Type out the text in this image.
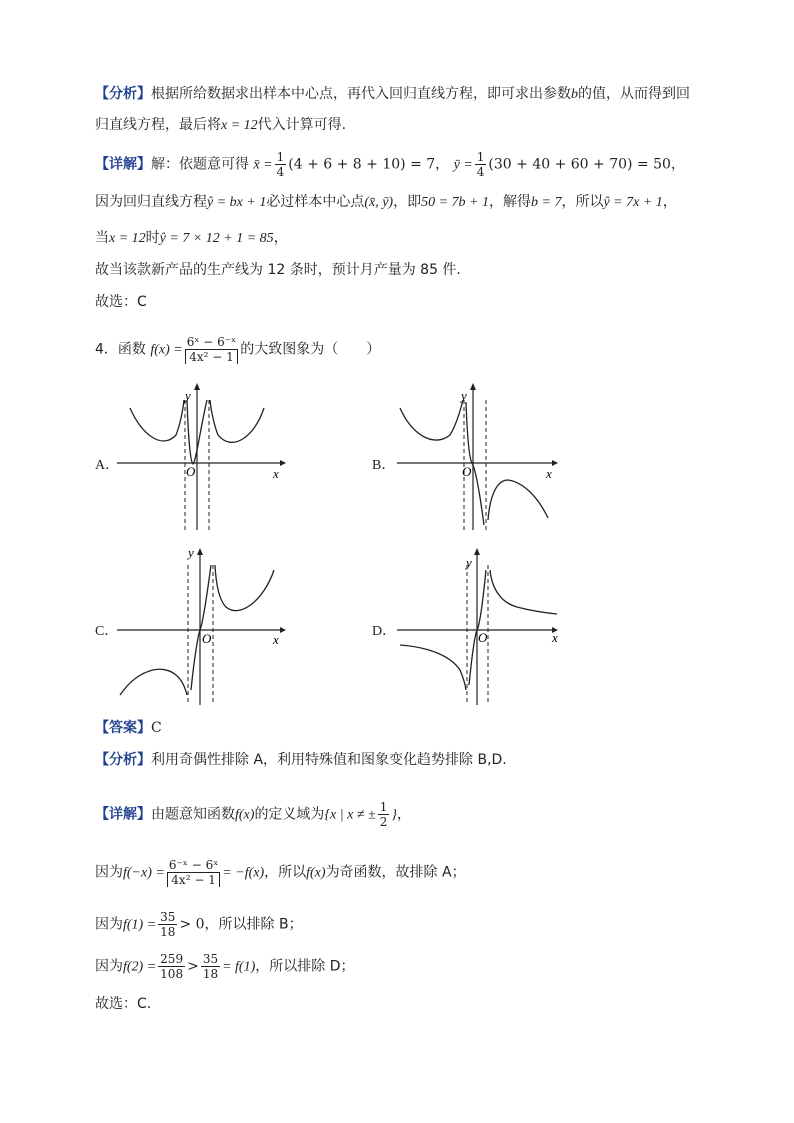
【分析】根据所给数据求出样本中心点，再代入回归直线方程，即可求出参数b的值，从而得到回
归直线方程，最后将x = 12代入计算可得.
【详解】解：依题意可得 x̄ = $\frac{1}{4} (4 + 6 + 8 + 10) = 7$， ȳ = $\frac{1}{4} (30 + 40 + 60 + 70) = 50$，
因为回归直线方程ŷ = bx + 1必过样本中心点(x̄, ȳ)，即50 = 7b + 1，解得b = 7，所以ŷ = 7x + 1，
当x = 12时ŷ = 7 × 12 + 1 = 85，
故当该款新产品的生产线为 12 条时，预计月产量为 85 件.
故选：C
4．函数 $f(x) = \frac{\text{6ˣ − 6⁻ˣ}}{\text{4x² − 1}}$ 的大致图象为（　　）
A．	B．
C．	D．
y
x
O
y
x
O
y
x
O
y
x
O
【答案】C
【分析】利用奇偶性排除 A，利用特殊值和图象变化趋势排除 B,D.
【详解】由题意知函数f(x)的定义域为{x | x ≠ ± $\frac{1}{2}$ }，
因为$f(-x) = \frac{\text{6⁻ˣ − 6ˣ}}{\text{4x² − 1}} = -f(x)$，所以f(x)为奇函数，故排除 A；
因为$f(1) = \frac{35}{18} > 0$，所以排除 B；
因为$f(2) = \frac{259}{108} > \frac{35}{18} = f(1)$，所以排除 D；
故选：C.
